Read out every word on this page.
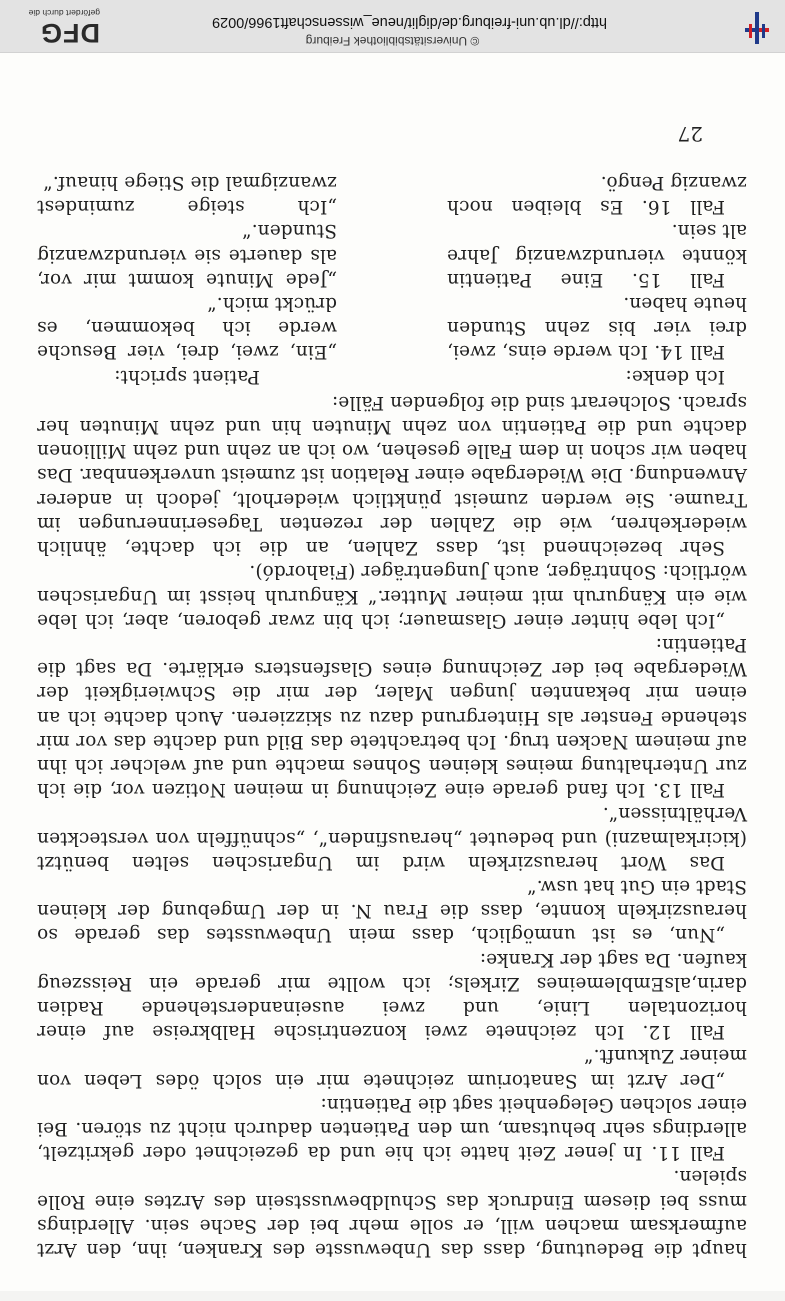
haupt die Bedeutung, dass das Unbewusste des Kranken, ihn, den Arzt aufmerksam machen will, er solle mehr bei der Sache sein. Allerdings muss bei diesem Eindruck das Schuldbewusstsein des Arztes eine Rolle spielen.

Fall 11. In jener Zeit hatte ich hie und da gezeichnet oder gekritzelt, allerdings sehr behutsam, um den Patienten dadurch nicht zu stören. Bei einer solchen Gelegenheit sagt die Patientin:

„Der Arzt im Sanatorium zeichnete mir ein solch ödes Leben von meiner Zukunft.“

Fall 12. Ich zeichnete zwei konzentrische Halbkreise auf einer horizontalen Linie, und zwei auseinanderstehende Radien darin,alsEmblemeines Zirkels; ich wollte mir gerade ein Reisszeug kaufen. Da sagt der Kranke:

„Nun, es ist unmöglich, dass mein Unbewusstes das gerade so herauszirkeln konnte, dass die Frau N. in der Umgebung der kleinen Stadt ein Gut hat usw.“

Das Wort herauszirkeln wird im Ungarischen selten benützt (kicirkalmazni) und bedeutet „herausfinden“, „schnüffeln von versteckten Verhältnissen“.

Fall 13. Ich fand gerade eine Zeichnung in meinen Notizen vor, die ich zur Unterhaltung meines kleinen Sohnes machte und auf welcher ich ihn auf meinem Nacken trug. Ich betrachtete das Bild und dachte das vor mir stehende Fenster als Hintergrund dazu zu skizzieren. Auch dachte ich an einen mir bekannten jungen Maler, der mir die Schwierigkeit der Wiedergabe bei der Zeichnung eines Glasfensters erklärte. Da sagt die Patientin:

„Ich lebe hinter einer Glasmauer; ich bin zwar geboren, aber, ich lebe wie ein Känguruh mit meiner Mutter.“ Känguruh heisst im Ungarischen wörtlich: Sohnträger, auch Jungenträger (Fiahordó).

Sehr bezeichnend ist, dass Zahlen, an die ich dachte, ähnlich wiederkehren, wie die Zahlen der rezenten Tageserinnerungen im Traume. Sie werden zumeist pünktlich wiederholt, jedoch in anderer Anwendung. Die Wiedergabe einer Relation ist zumeist unverkennbar. Das haben wir schon in dem Falle gesehen, wo ich an zehn und zehn Millionen dachte und die Patientin von zehn Minuten hin und zehn Minuten her sprach. Solcherart sind die folgenden Fälle:

Ich denke:

Fall 14. Ich werde eins, zwei, drei vier bis zehn Stunden heute haben.

Fall 15. Eine Patientin könnte vierundzwanzig Jahre alt sein.

Fall 16. Es bleiben noch zwanzig Pengö.

Patient spricht:

„Ein, zwei, drei, vier Besuche werde ich bekommen, es drückt mich.“

„Jede Minute kommt mir vor, als dauerte sie vierundzwanzig Stunden.“

„Ich steige zumindest zwanzigmal die Stiege hinauf.“

27
© Universitätsbibliothek Freiburg
http://dl.ub.uni-freiburg.de/diglit/neue_wissenschaft1966/0029
DFG
gefördert durch die
